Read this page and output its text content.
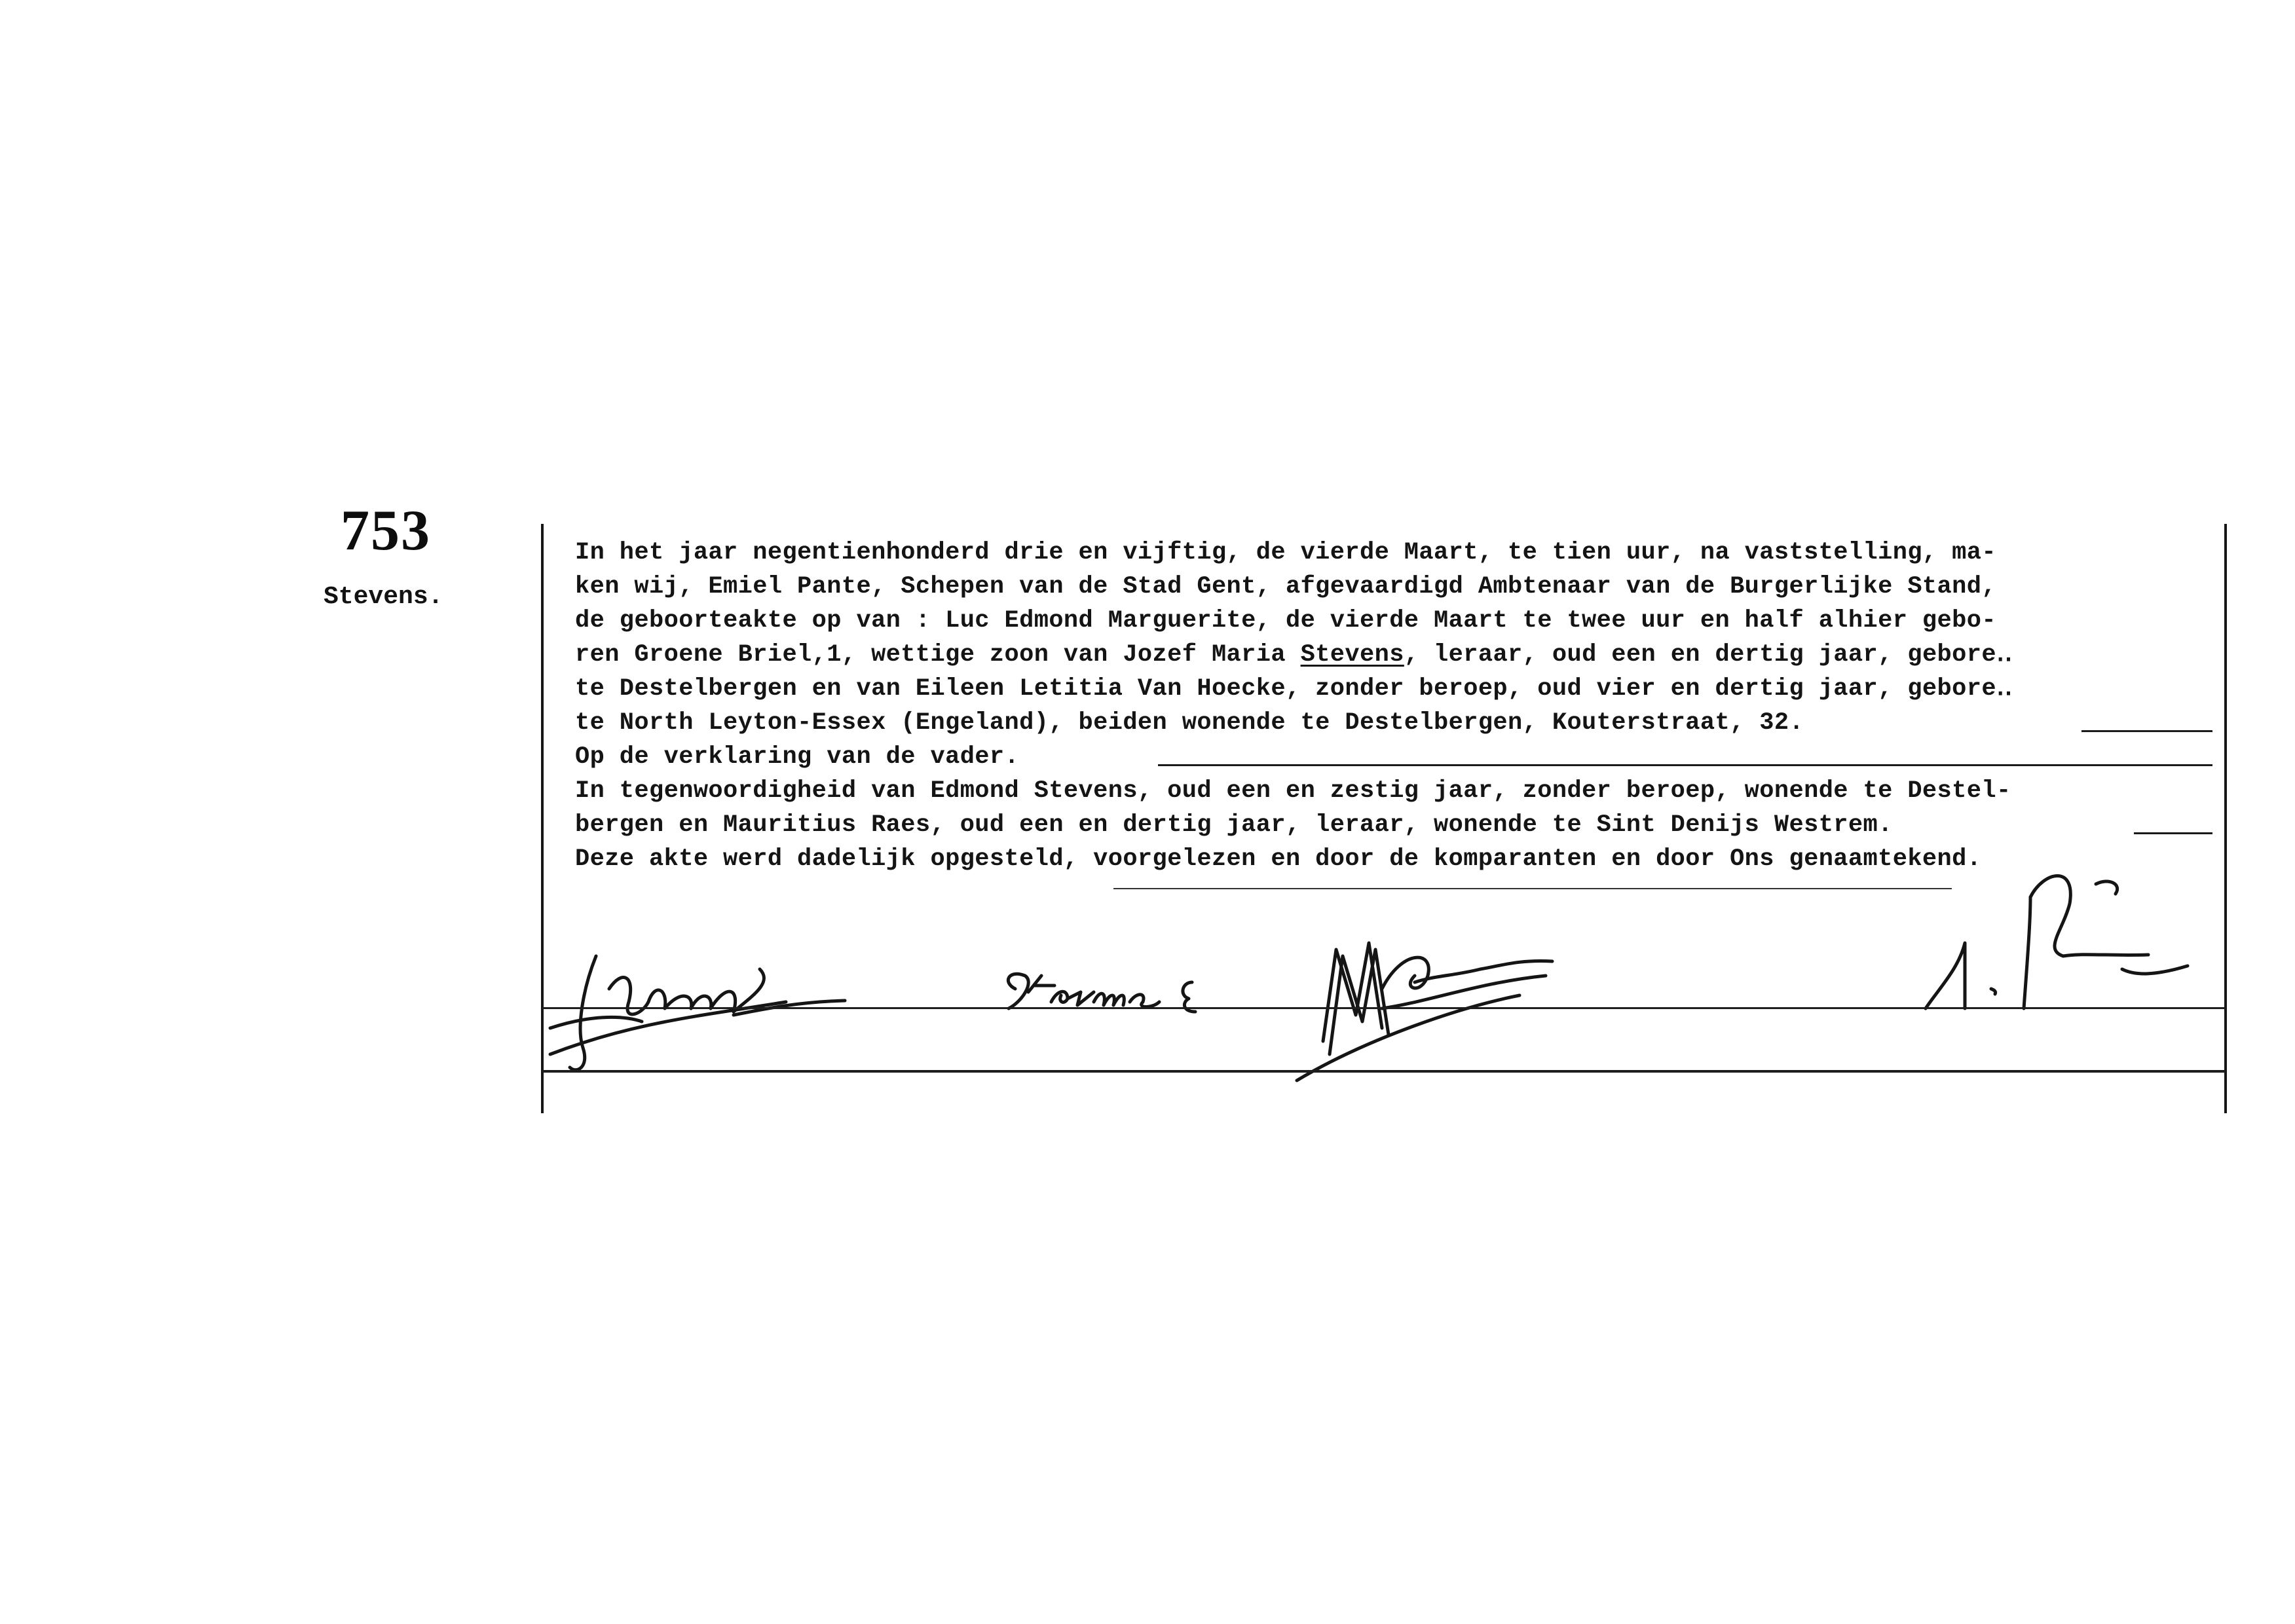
753
Stevens.
In het jaar negentienhonderd drie en vijftig, de vierde Maart, te tien uur, na vaststelling, ma-
ken wij, Emiel Pante, Schepen van de Stad Gent, afgevaardigd Ambtenaar van de Burgerlijke Stand,
de geboorteakte op van : Luc Edmond Marguerite, de vierde Maart te twee uur en half alhier gebo-
ren Groene Briel,1, wettige zoon van Jozef Maria Stevens, leraar, oud een en dertig jaar, gebore‥
te Destelbergen en van Eileen Letitia Van Hoecke, zonder beroep, oud vier en dertig jaar, gebore‥
te North Leyton-Essex (Engeland), beiden wonende te Destelbergen, Kouterstraat, 32.
Op de verklaring van de vader.
In tegenwoordigheid van Edmond Stevens, oud een en zestig jaar, zonder beroep, wonende te Destel-
bergen en Mauritius Raes, oud een en dertig jaar, leraar, wonende te Sint Denijs Westrem.
Deze akte werd dadelijk opgesteld, voorgelezen en door de komparanten en door Ons genaamtekend.
